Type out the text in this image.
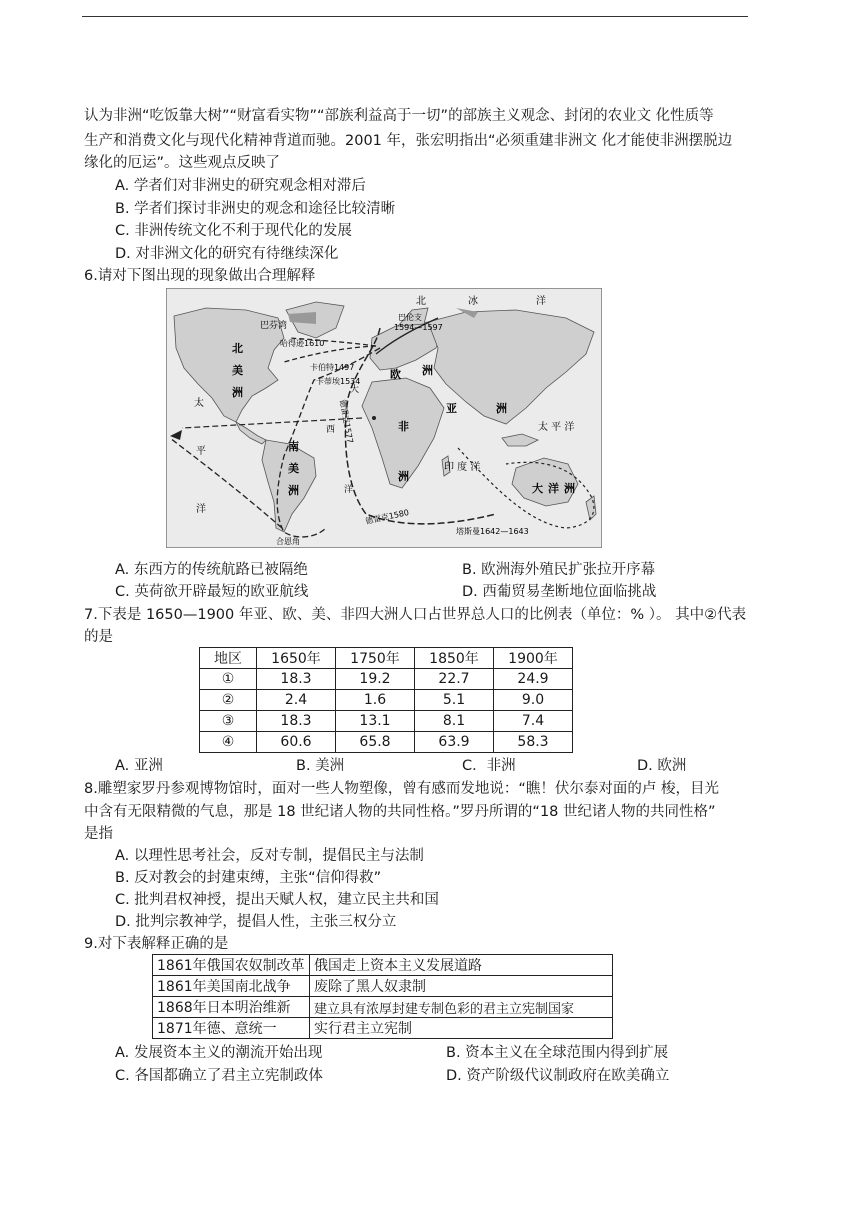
认为非洲“吃饭靠大树”“财富看实物”“部族利益高于一切”的部族主义观念、封闭的农业文 化性质等
生产和消费文化与现代化精神背道而驰。2001 年，张宏明指出“必须重建非洲文 化才能使非洲摆脱边
缘化的厄运”。这些观点反映了
A. 学者们对非洲史的研究观念相对滞后
B. 学者们探讨非洲史的观念和途径比较清晰
C. 非洲传统文化不利于现代化的发展
D. 对非洲文化的研究有待继续深化
6.请对下图出现的现象做出合理解释
北	冰	洋
巴芬湾
巴伦支
1594—1597
哈得逊1610
卡伯特1497
卡蒂埃1534
北
美
洲
欧 洲
亚	洲
非
洲
南
美
洲	大 洋 洲
太
平
洋
太 平 洋
印 度 洋
大
西
洋
德雷克1577
德雷克1580
塔斯曼1642—1643
合恩角
A. 东西方的传统航路已被隔绝	B. 欧洲海外殖民扩张拉开序幕
C. 英荷欲开辟最短的欧亚航线	D. 西葡贸易垄断地位面临挑战
7.下表是 1650—1900 年亚、欧、美、非四大洲人口占世界总人口的比例表（单位：% ）。 其中②代表
的是
地区	1650年	1750年	1850年	1900年
①	18.3	19.2	22.7	24.9
②	2.4	1.6	5.1	9.0
③	18.3	13.1	8.1	7.4
④	60.6	65.8	63.9	58.3
A. 亚洲	B. 美洲	C．非洲	D. 欧洲
8.雕塑家罗丹参观博物馆时，面对一些人物塑像，曾有感而发地说：“瞧！伏尔泰对面的卢 梭，目光
中含有无限精微的气息，那是 18 世纪诸人物的共同性格。”罗丹所谓的“18 世纪诸人物的共同性格”
是指
A. 以理性思考社会，反对专制，提倡民主与法制
B. 反对教会的封建束缚，主张“信仰得救”
C. 批判君权神授，提出天赋人权，建立民主共和国
D. 批判宗教神学，提倡人性，主张三权分立
9.对下表解释正确的是
1861年俄国农奴制改革	俄国走上资本主义发展道路
1861年美国南北战争	废除了黑人奴隶制
1868年日本明治维新	建立具有浓厚封建专制色彩的君主立宪制国家
1871年德、意统一	实行君主立宪制
A. 发展资本主义的潮流开始出现	B. 资本主义在全球范围内得到扩展
C. 各国都确立了君主立宪制政体	D. 资产阶级代议制政府在欧美确立
